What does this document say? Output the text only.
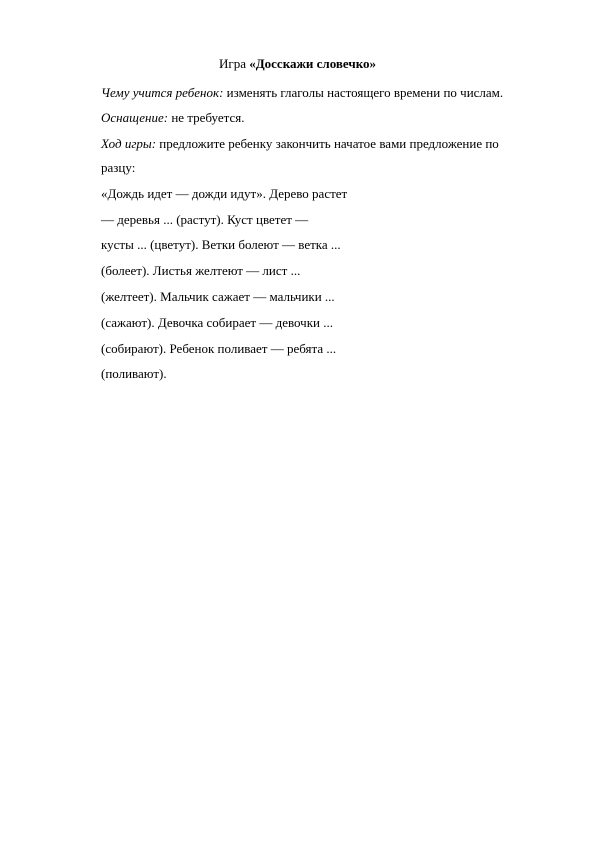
Игра «Досскажи словечко»
Чему учится ребенок: изменять глаголы настоящего времени по числам.
Оснащение: не требуется.
Ход игры: предложите ребенку закончить начатое вами предложение по
разцу:
«Дождь идет — дожди идут». Дерево растет
— деревья ... (растут). Куст цветет —
кусты ... (цветут). Ветки болеют — ветка ...
(болеет). Листья желтеют — лист ...
(желтеет). Мальчик сажает — мальчики ...
(сажают). Девочка собирает — девочки ...
(собирают). Ребенок поливает — ребята ...
(поливают).
